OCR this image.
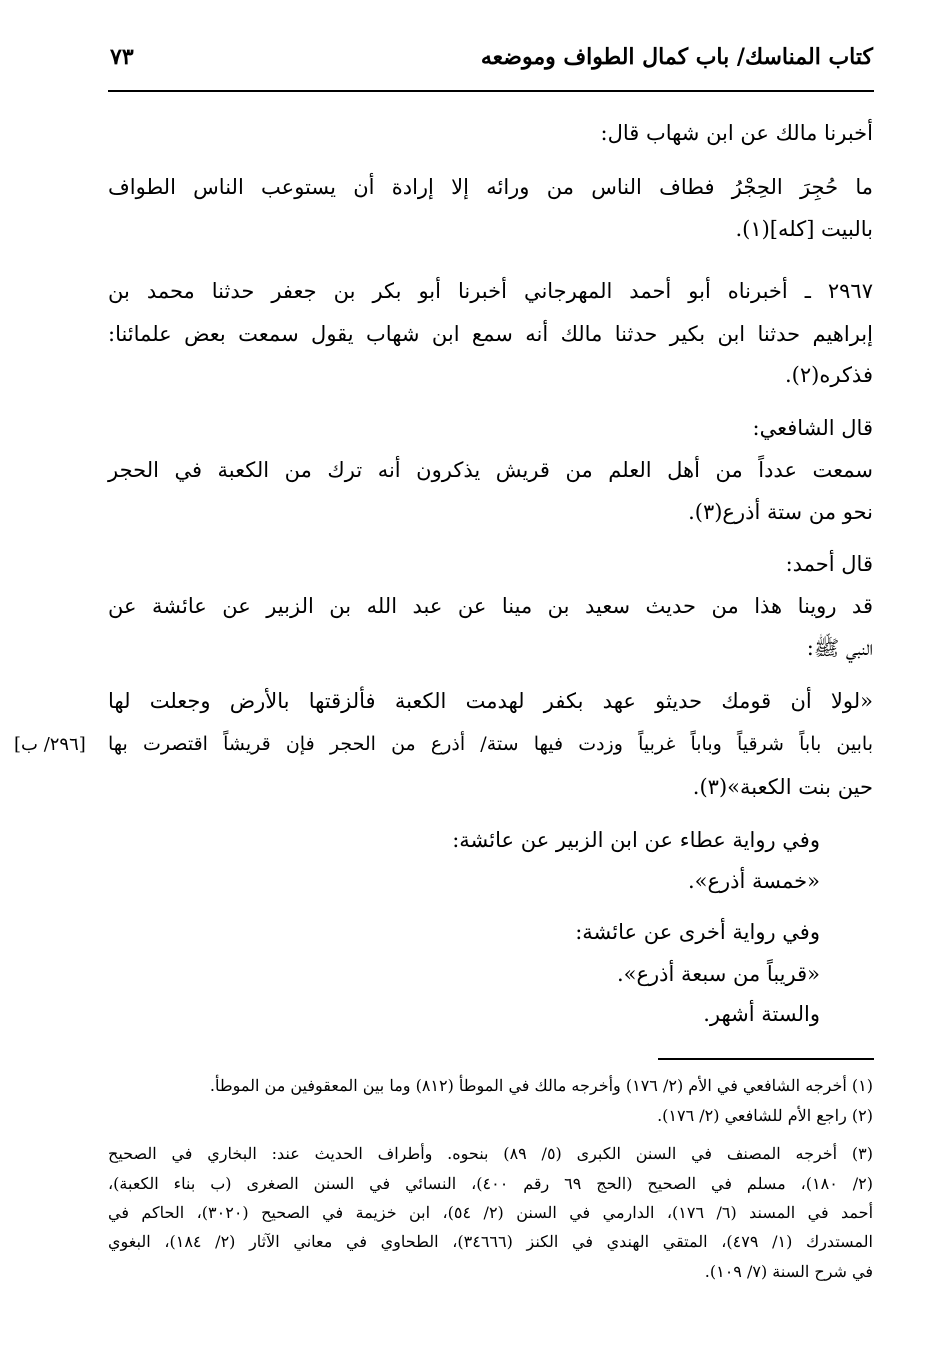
كتاب المناسك/ باب كمال الطواف وموضعه
٧٣
أخبرنا مالك عن ابن شهاب قال:
ما حُجِرَ الحِجْرُ فطاف الناس من ورائه إلا إرادة أن يستوعب الناس الطواف
بالبيت [كله](١).
٢٩٦٧ ـ أخبرناه أبو أحمد المهرجاني أخبرنا أبو بكر بن جعفر حدثنا محمد بن
إبراهيم حدثنا ابن بكير حدثنا مالك أنه سمع ابن شهاب يقول سمعت بعض علمائنا:
فذكره(٢).
قال الشافعي:
سمعت عدداً من أهل العلم من قريش يذكرون أنه ترك من الكعبة في الحجر
نحو من ستة أذرع(٣).
قال أحمد:
قد روينا هذا من حديث سعيد بن مينا عن عبد الله بن الزبير عن عائشة عن
النبي ﷺ:
«لولا أن قومك حديثو عهد بكفر لهدمت الكعبة فألزقتها بالأرض وجعلت لها
بابين باباً شرقياً وباباً غربياً وزدت فيها ستة/ أذرع من الحجر فإن قريشاً اقتصرت بها
حين بنت الكعبة»(٣).
[٢٩٦/ ب]
وفي رواية عطاء عن ابن الزبير عن عائشة:
«خمسة أذرع».
وفي رواية أخرى عن عائشة:
«قريباً من سبعة أذرع».
والستة أشهر.
(١) أخرجه الشافعي في الأم (٢/ ١٧٦) وأخرجه مالك في الموطأ (٨١٢) وما بين المعقوفين من الموطأ.
(٢) راجع الأم للشافعي (٢/ ١٧٦).
(٣) أخرجه المصنف في السنن الكبرى (٥/ ٨٩) بنحوه. وأطراف الحديث عند: البخاري في الصحيح
(٢/ ١٨٠)، مسلم في الصحيح (الحج ٦٩ رقم ٤٠٠)، النسائي في السنن الصغرى (ب بناء الكعبة)،
أحمد في المسند (٦/ ١٧٦)، الدارمي في السنن (٢/ ٥٤)، ابن خزيمة في الصحيح (٣٠٢٠)، الحاكم في
المستدرك (١/ ٤٧٩)، المتقي الهندي في الكنز (٣٤٦٦٦)، الطحاوي في معاني الآثار (٢/ ١٨٤)، البغوي
في شرح السنة (٧/ ١٠٩).
